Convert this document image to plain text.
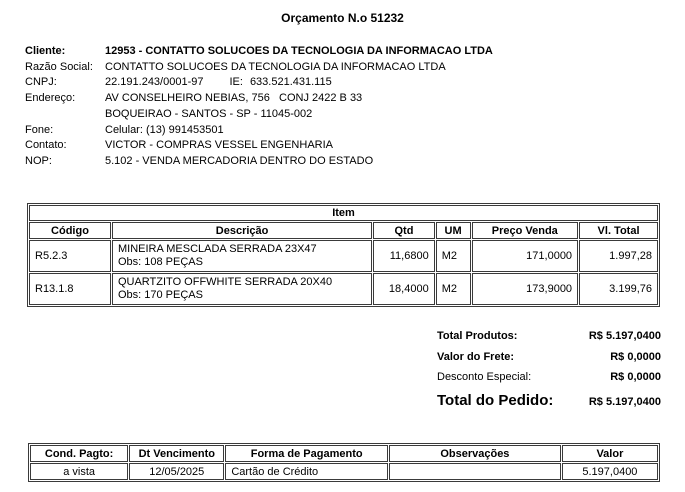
Orçamento N.o 51232
Cliente:	12953 - CONTATTO SOLUCOES DA TECNOLOGIA DA INFORMACAO LTDA
Razão Social:	CONTATTO SOLUCOES DA TECNOLOGIA DA INFORMACAO LTDA
CNPJ:	22.191.243/0001-97 IE: 633.521.431.115
Endereço:	AV CONSELHEIRO NEBIAS, 756   CONJ 2422 B 33
BOQUEIRAO - SANTOS - SP - 11045-002
Fone:	Celular: (13) 991453501
Contato:	VICTOR - COMPRAS VESSEL ENGENHARIA
NOP:	5.102 - VENDA MERCADORIA DENTRO DO ESTADO
Item					
Código	Descrição	Qtd	UM	Preço Venda	Vl. Total
R5.2.3	MINEIRA MESCLADA SERRADA 23X47
Obs: 108 PEÇAS	11,6800	M2	171,0000	1.997,28
R13.1.8	QUARTZITO OFFWHITE SERRADA 20X40
Obs: 170 PEÇAS	18,4000	M2	173,9000	3.199,76
Total Produtos:	R$ 5.197,0400
Valor do Frete:	R$ 0,0000
Desconto Especial:	R$ 0,0000
Total do Pedido:	R$ 5.197,0400
Cond. Pagto:	Dt Vencimento	Forma de Pagamento	Observações	Valor
a vista	12/05/2025	Cartão de Crédito		5.197,0400
